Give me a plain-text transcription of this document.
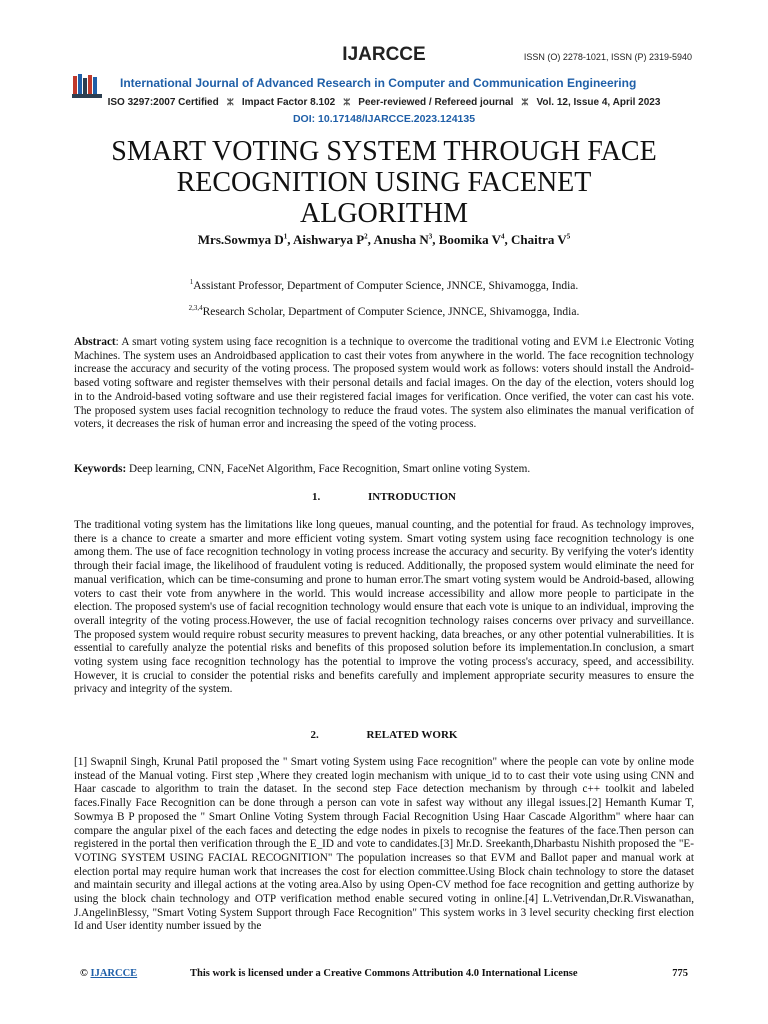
IJARCCE	ISSN (O) 2278-1021, ISSN (P) 2319-5940
International Journal of Advanced Research in Computer and Communication Engineering
ISO 3297:2007 Certified ⵣ Impact Factor 8.102 ⵣ Peer-reviewed / Refereed journal ⵣ Vol. 12, Issue 4, April 2023
DOI: 10.17148/IJARCCE.2023.124135
SMART VOTING SYSTEM THROUGH FACE
RECOGNITION USING FACENET
ALGORITHM
Mrs.Sowmya $D^1$, Aishwarya $P^2$, Anusha $N^3$, Boomika $V^4$, Chaitra $V^5$
$^1$Assistant Professor, Department of Computer Science, JNNCE, Shivamogga, India.
$^{2,3,4}$Research Scholar, Department of Computer Science, JNNCE, Shivamogga, India.
Abstract: A smart voting system using face recognition is a technique to overcome the traditional voting and EVM i.e Electronic Voting Machines. The system uses an Androidbased application to cast their votes from anywhere in the world. The face recognition technology increase the accuracy and security of the voting process. The proposed system would work as follows: voters should install the Android-based voting software and register themselves with their personal details and facial images. On the day of the election, voters should log in to the Android-based voting software and use their registered facial images for verification. Once verified, the voter can cast his vote. The proposed system uses facial recognition technology to reduce the fraud votes. The system also eliminates the manual verification of voters, it decreases the risk of human error and increasing the speed of the voting process.
Keywords: Deep learning, CNN, FaceNet Algorithm, Face Recognition, Smart online voting System.
1.	INTRODUCTION
The traditional voting system has the limitations like long queues, manual counting, and the potential for fraud. As technology improves, there is a chance to create a smarter and more efficient voting system. Smart voting system using face recognition technology is one among them. The use of face recognition technology in voting process increase the accuracy and security. By verifying the voter's identity through their facial image, the likelihood of fraudulent voting is reduced. Additionally, the proposed system would eliminate the need for manual verification, which can be time-consuming and prone to human error.The smart voting system would be Android-based, allowing voters to cast their vote from anywhere in the world. This would increase accessibility and allow more people to participate in the election. The proposed system's use of facial recognition technology would ensure that each vote is unique to an individual, improving the overall integrity of the voting process.However, the use of facial recognition technology raises concerns over privacy and surveillance. The proposed system would require robust security measures to prevent hacking, data breaches, or any other potential vulnerabilities. It is essential to carefully analyze the potential risks and benefits of this proposed solution before its implementation.In conclusion, a smart voting system using face recognition technology has the potential to improve the voting process's accuracy, speed, and accessibility. However, it is crucial to consider the potential risks and benefits carefully and implement appropriate security measures to ensure the privacy and integrity of the system.
2.	RELATED WORK
[1] Swapnil Singh, Krunal Patil proposed the " Smart voting System using Face recognition" where the people can vote by online mode instead of the Manual voting. First step ,Where they created login mechanism with unique_id to to cast their vote using using CNN and Haar cascade to algorithm to train the dataset. In the second step Face detection mechanism by through c++ toolkit and labeled faces.Finally Face Recognition can be done through a person can vote in safest way without any illegal issues.[2] Hemanth Kumar T, Sowmya B P proposed the " Smart Online Voting System through Facial Recognition Using Haar Cascade Algorithm" where haar can compare the angular pixel of the each faces and detecting the edge nodes in pixels to recognise the features of the face.Then person can registered in the portal then verification through the E_ID and vote to candidates.[3] Mr.D. Sreekanth,Dharbastu Nishith proposed the "E-VOTING SYSTEM USING FACIAL RECOGNITION" The population increases so that EVM and Ballot paper and manual work at election portal may require human work that increases the cost for election committee.Using Block chain technology to store the dataset and maintain security and illegal actions at the voting area.Also by using Open-CV method foe face recognition and getting authorize by using the block chain technology and OTP verification method enable secured voting in online.[4] L.Vetrivendan,Dr.R.Viswanathan, J.AngelinBlessy, "Smart Voting System Support through Face Recognition" This system works in 3 level security checking first election Id and User identity number issued by the
© IJARCCE	This work is licensed under a Creative Commons Attribution 4.0 International License	775
